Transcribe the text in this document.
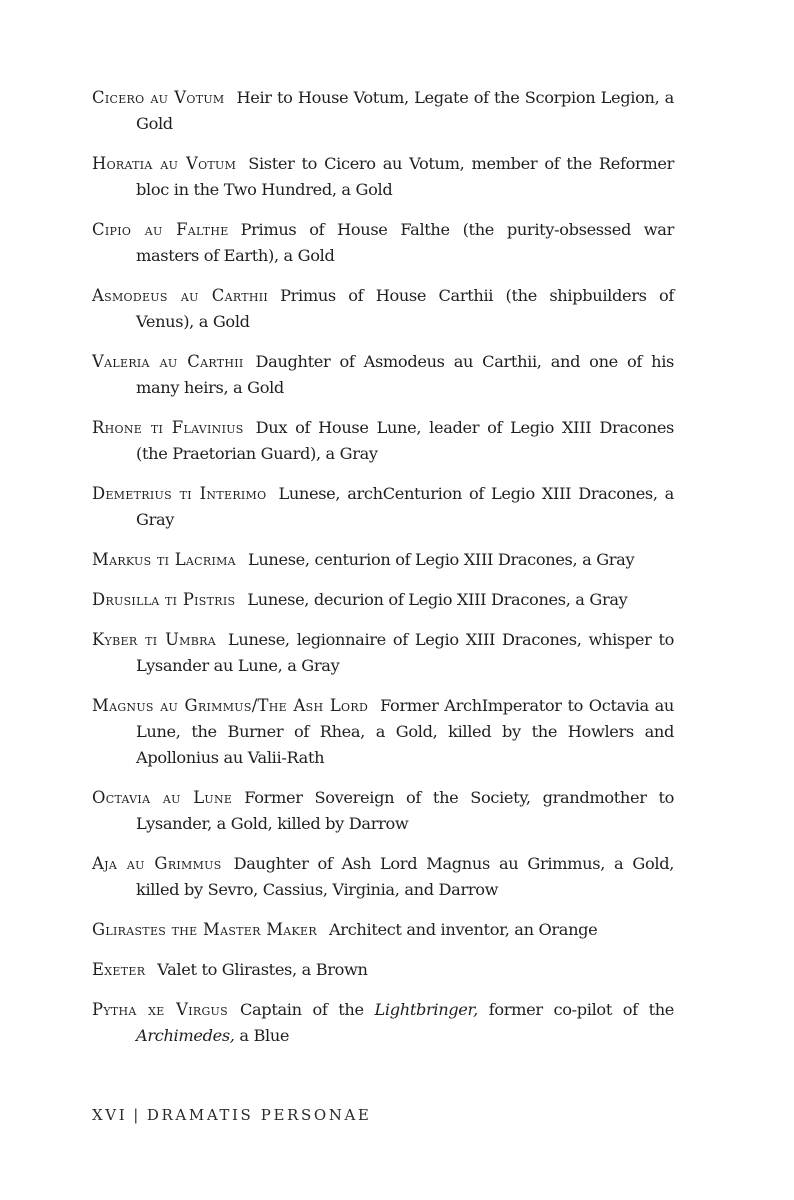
Cicero au Votum Heir to House Votum, Legate of the Scorpion Legion, a Gold
Horatia au Votum Sister to Cicero au Votum, member of the Reformer bloc in the Two Hundred, a Gold
Cipio au Falthe Primus of House Falthe (the purity-obsessed war masters of Earth), a Gold
Asmodeus au Carthii Primus of House Carthii (the shipbuilders of Venus), a Gold
Valeria au Carthii Daughter of Asmodeus au Carthii, and one of his many heirs, a Gold
Rhone ti Flavinius Dux of House Lune, leader of Legio XIII Dracones (the Praetorian Guard), a Gray
Demetrius ti Interimo Lunese, archCenturion of Legio XIII Dracones, a Gray
Markus ti Lacrima Lunese, centurion of Legio XIII Dracones, a Gray
Drusilla ti Pistris Lunese, decurion of Legio XIII Dracones, a Gray
Kyber ti Umbra Lunese, legionnaire of Legio XIII Dracones, whisper to Lysander au Lune, a Gray
Magnus au Grimmus/The Ash Lord Former ArchImperator to Octavia au Lune, the Burner of Rhea, a Gold, killed by the Howlers and Apollonius au Valii-Rath
Octavia au Lune Former Sovereign of the Society, grandmother to Lysander, a Gold, killed by Darrow
Aja au Grimmus Daughter of Ash Lord Magnus au Grimmus, a Gold, killed by Sevro, Cassius, Virginia, and Darrow
Glirastes the Master Maker Architect and inventor, an Orange
Exeter Valet to Glirastes, a Brown
Pytha xe Virgus Captain of the Lightbringer, former co-pilot of the Archimedes, a Blue
XVI | DRAMATIS PERSONAE
